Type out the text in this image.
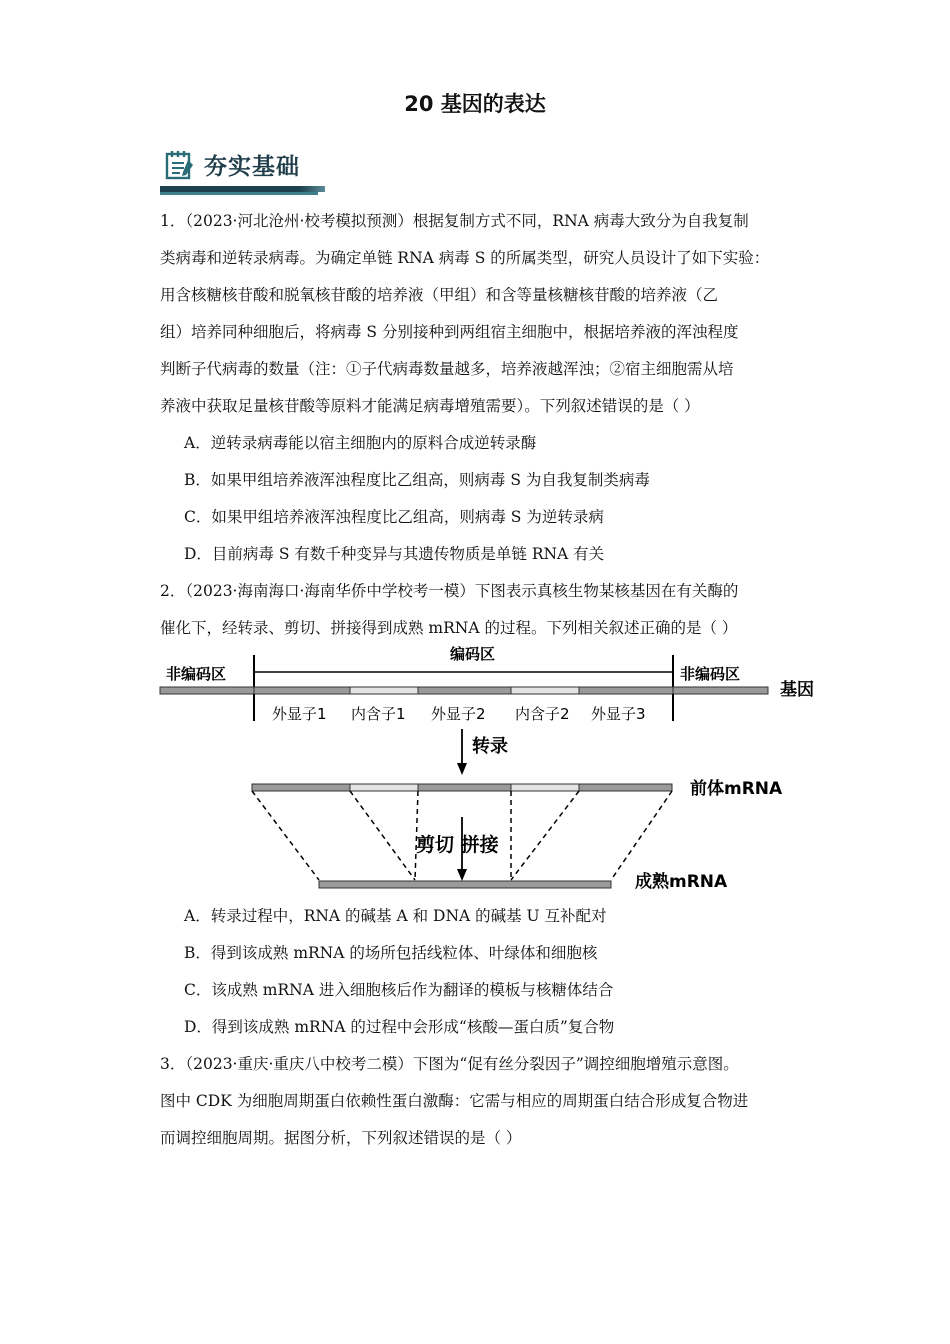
20 基因的表达
夯实基础
1．（2023·河北沧州·校考模拟预测）根据复制方式不同，RNA 病毒大致分为自我复制
类病毒和逆转录病毒。为确定单链 RNA 病毒 S 的所属类型，研究人员设计了如下实验：
用含核糖核苷酸和脱氧核苷酸的培养液（甲组）和含等量核糖核苷酸的培养液（乙
组）培养同种细胞后，将病毒 S 分别接种到两组宿主细胞中，根据培养液的浑浊程度
判断子代病毒的数量（注：①子代病毒数量越多，培养液越浑浊；②宿主细胞需从培
养液中获取足量核苷酸等原料才能满足病毒增殖需要）。下列叙述错误的是（ ）
A．逆转录病毒能以宿主细胞内的原料合成逆转录酶
B．如果甲组培养液浑浊程度比乙组高，则病毒 S 为自我复制类病毒
C．如果甲组培养液浑浊程度比乙组高，则病毒 S 为逆转录病
D．目前病毒 S 有数千种变异与其遗传物质是单链 RNA 有关
2．（2023·海南海口·海南华侨中学校考一模）下图表示真核生物某核基因在有关酶的
催化下，经转录、剪切、拼接得到成熟 mRNA 的过程。下列相关叙述正确的是（ ）
非编码区
编码区
非编码区
基因
外显子1 内含子1 外显子2 内含子2 外显子3
转录
前体mRNA
剪切 拼接
成熟mRNA
A．转录过程中，RNA 的碱基 A 和 DNA 的碱基 U 互补配对
B．得到该成熟 mRNA 的场所包括线粒体、叶绿体和细胞核
C．该成熟 mRNA 进入细胞核后作为翻译的模板与核糖体结合
D．得到该成熟 mRNA 的过程中会形成“核酸—蛋白质”复合物
3．（2023·重庆·重庆八中校考二模）下图为“促有丝分裂因子”调控细胞增殖示意图。
图中 CDK 为细胞周期蛋白依赖性蛋白激酶：它需与相应的周期蛋白结合形成复合物进
而调控细胞周期。据图分析，下列叙述错误的是（ ）
